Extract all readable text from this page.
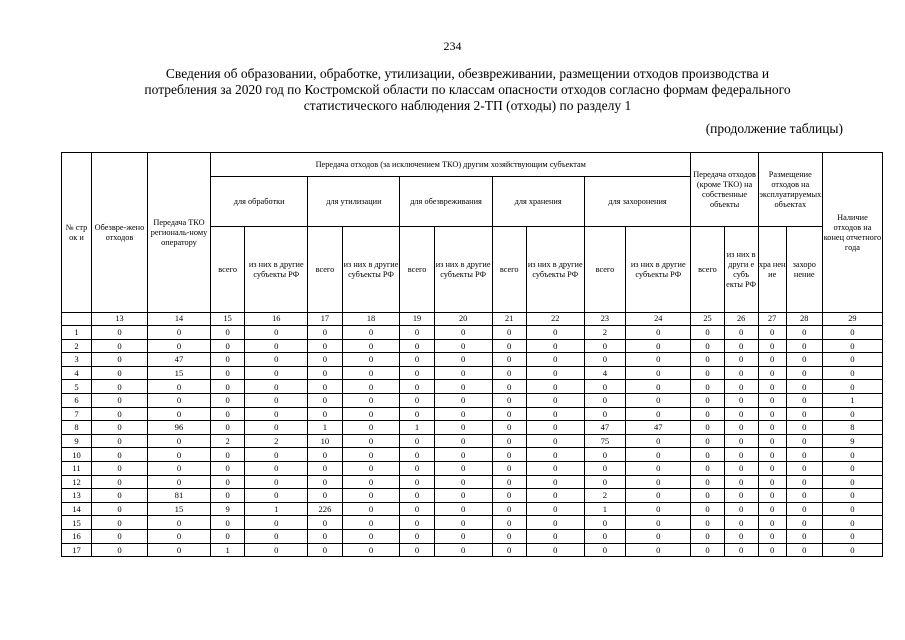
234
Сведения об образовании, обработке, утилизации, обезвреживании, размещении отходов производства и
потребления за 2020 год по Костромской области по классам опасности отходов согласно формам федерального
статистического наблюдения 2-ТП (отходы) по разделу 1
(продолжение таблицы)
№ стр ок и	Обезвре-жено отходов	Передача ТКО региональ-ному оператору	Передача отходов (за исключением ТКО) другим хозяйствующим субъектам										Передача отходов (кроме ТКО) на собственные объекты		Размещение отходов на эксплуатируемых объектах		Наличие отходов на конец отчетного года
			для обработки		для утилизации		для обезвреживания		для хранения		для захоронения						
			всего	из них в другие субъекты РФ	всего	из них в другие субъекты РФ	всего	из них в другие субъекты РФ	всего	из них в другие субъекты РФ	всего	из них в другие субъекты РФ	всего	из них в други е субъ екты РФ	хра нен ие	захоро нение	
	13	14	15	16	17	18	19	20	21	22	23	24	25	26	27	28	29
1	0	0	0	0	0	0	0	0	0	0	2	0	0	0	0	0	0
2	0	0	0	0	0	0	0	0	0	0	0	0	0	0	0	0	0
3	0	47	0	0	0	0	0	0	0	0	0	0	0	0	0	0	0
4	0	15	0	0	0	0	0	0	0	0	4	0	0	0	0	0	0
5	0	0	0	0	0	0	0	0	0	0	0	0	0	0	0	0	0
6	0	0	0	0	0	0	0	0	0	0	0	0	0	0	0	0	1
7	0	0	0	0	0	0	0	0	0	0	0	0	0	0	0	0	0
8	0	96	0	0	1	0	1	0	0	0	47	47	0	0	0	0	8
9	0	0	2	2	10	0	0	0	0	0	75	0	0	0	0	0	9
10	0	0	0	0	0	0	0	0	0	0	0	0	0	0	0	0	0
11	0	0	0	0	0	0	0	0	0	0	0	0	0	0	0	0	0
12	0	0	0	0	0	0	0	0	0	0	0	0	0	0	0	0	0
13	0	81	0	0	0	0	0	0	0	0	2	0	0	0	0	0	0
14	0	15	9	1	226	0	0	0	0	0	1	0	0	0	0	0	0
15	0	0	0	0	0	0	0	0	0	0	0	0	0	0	0	0	0
16	0	0	0	0	0	0	0	0	0	0	0	0	0	0	0	0	0
17	0	0	1	0	0	0	0	0	0	0	0	0	0	0	0	0	0
